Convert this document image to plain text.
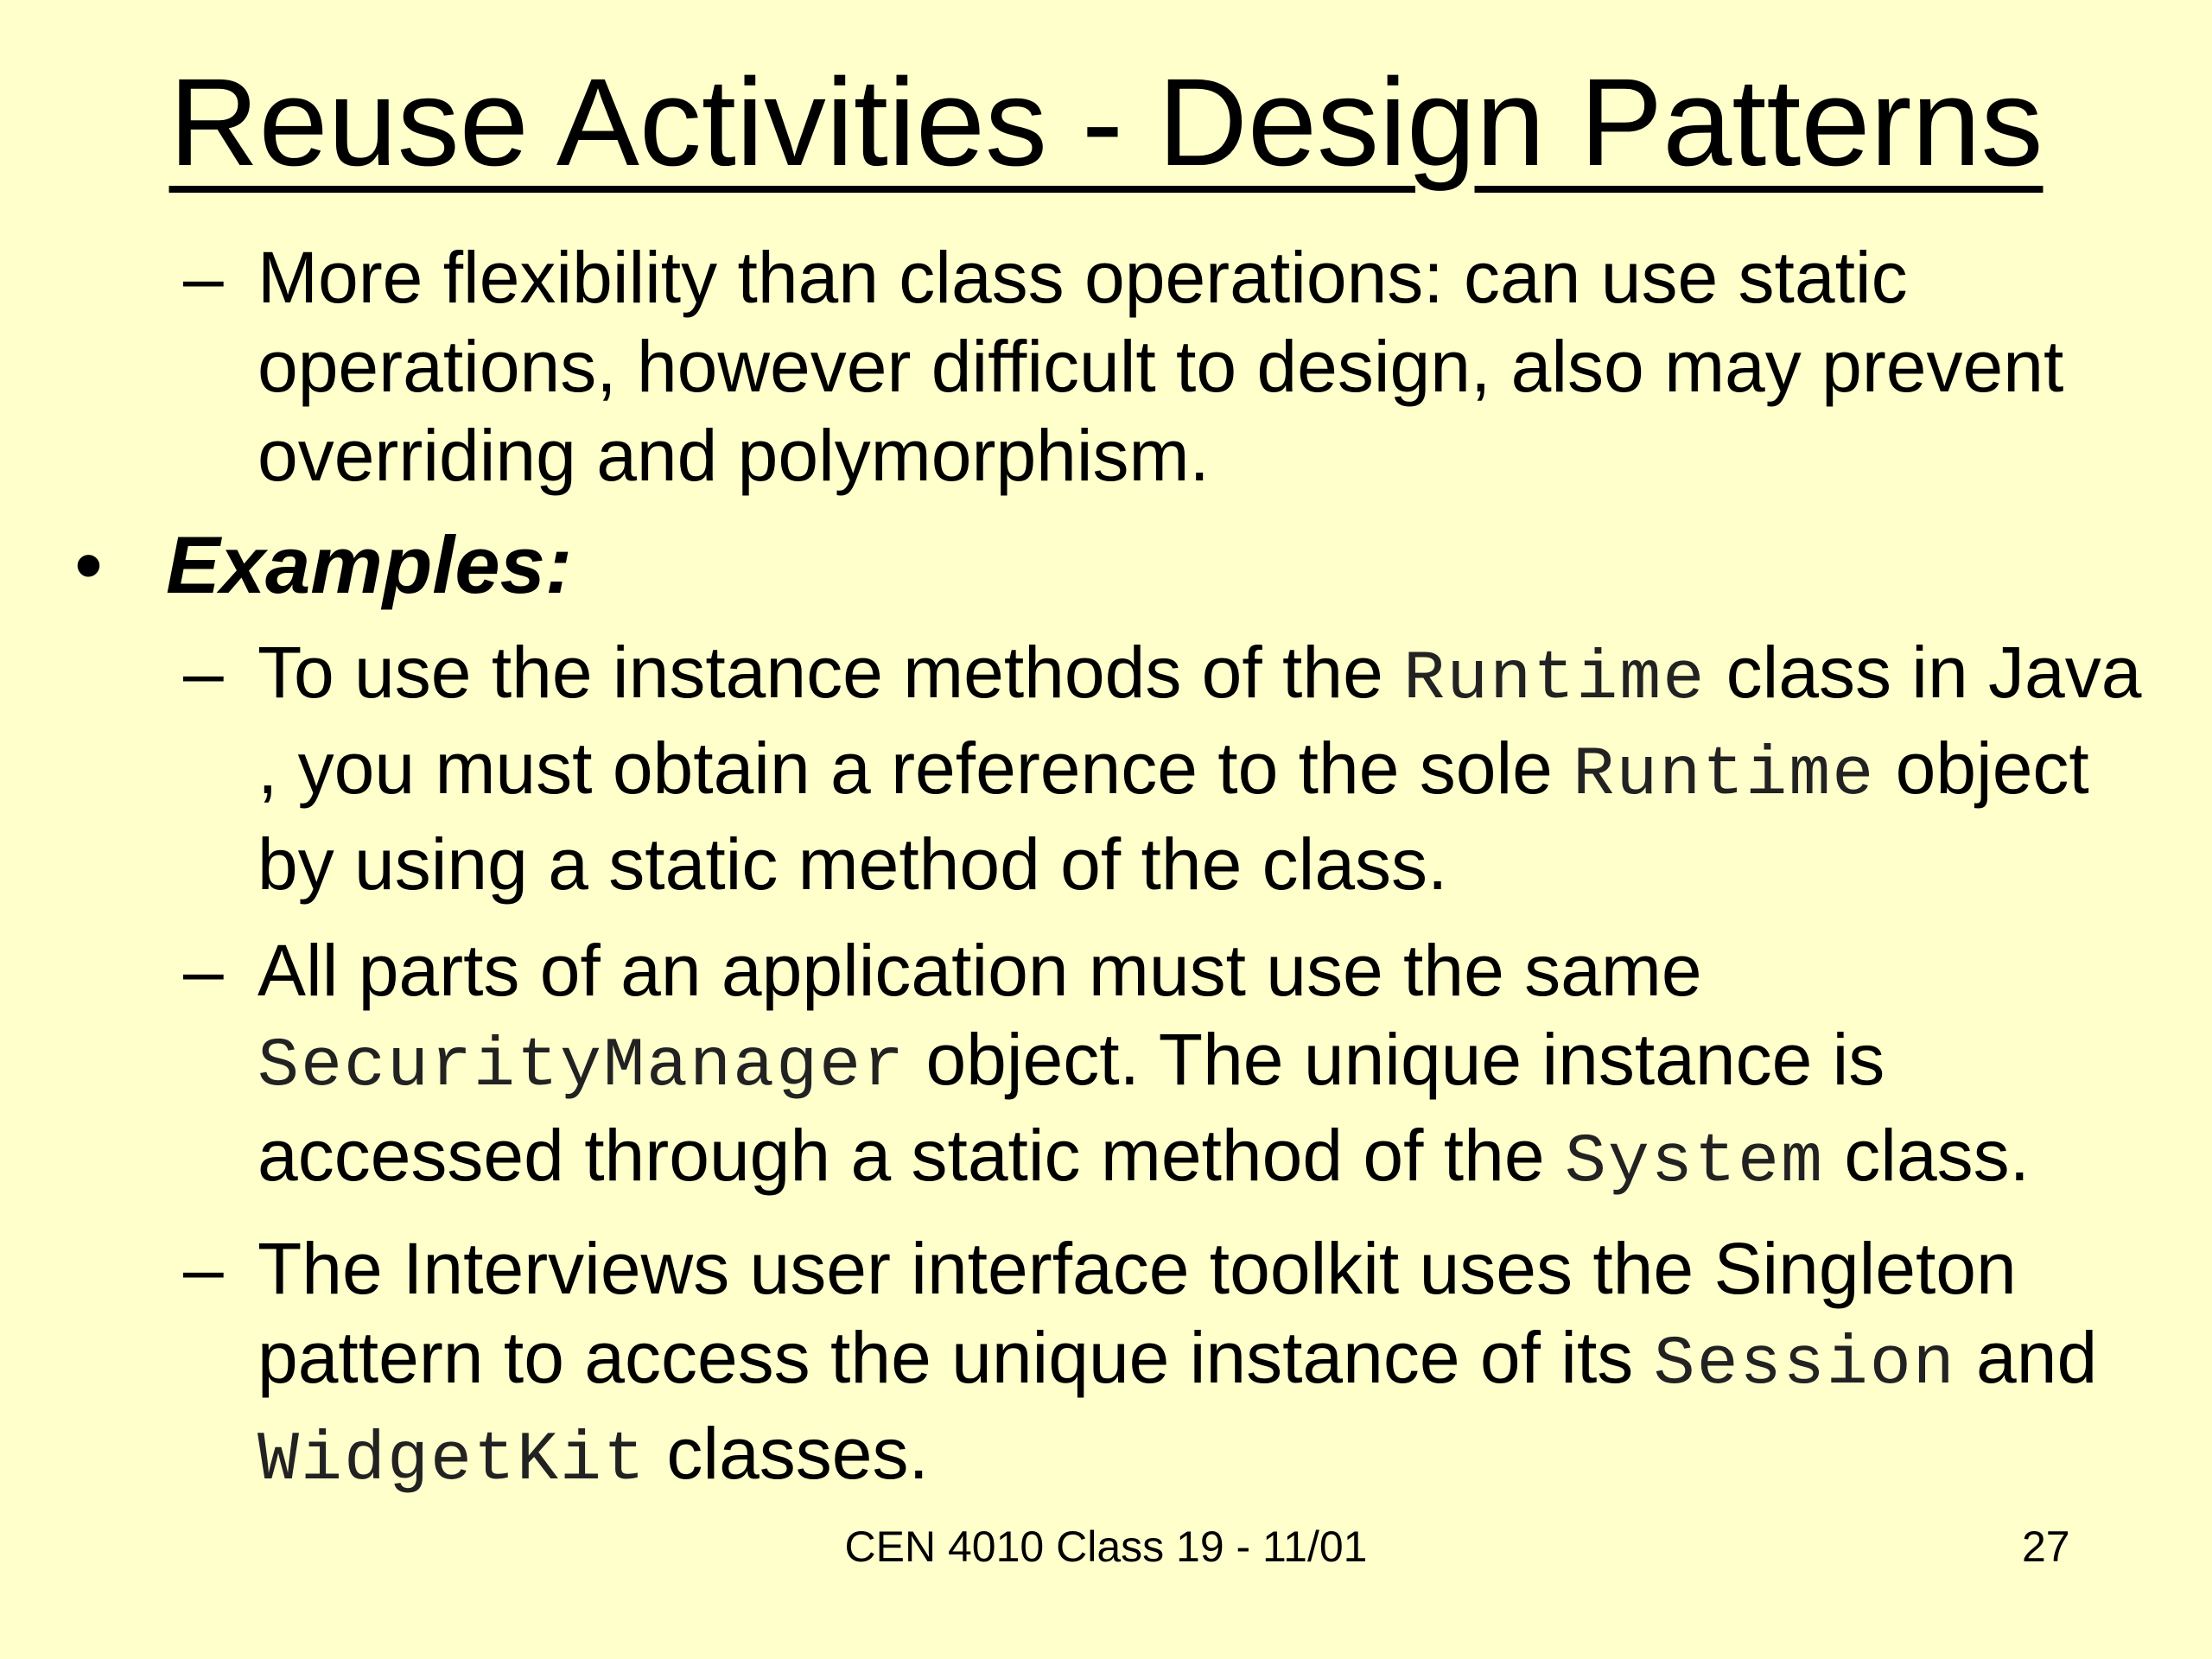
Reuse Activities - Design Patterns
– More flexibility than class operations: can use static operations, however difficult to design, also may prevent overriding and polymorphism.
• Examples:
– To use the instance methods of the Runtime class in Java , you must obtain a reference to the sole Runtime object by using a static method of the class.
– All parts of an application must use the same SecurityManager object. The unique instance is accessed through a static method of the System class.
– The Interviews user interface toolkit uses the Singleton pattern to access the unique instance of its Session and WidgetKit classes.
CEN 4010 Class 19 - 11/01	27
